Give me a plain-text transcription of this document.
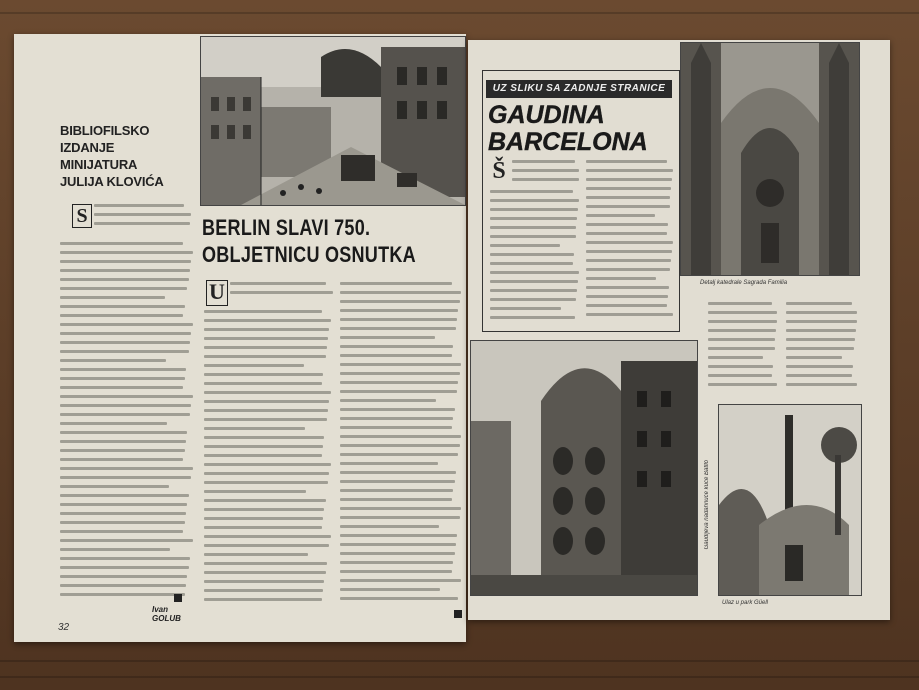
BIBLIOFILSKO
IZDANJE
MINIJATURA
JULIJA KLOVIĆA
S
Ivan GOLUB
32
BERLIN SLAVI 750.
OBLJETNICU OSNUTKA
U
UZ SLIKU SA ZADNJE STRANICE
GAUDINA
BARCELONA
Š
Detalj katedrale Sagrada Familia
Gaudijeva nadahnuće kuće Batlló
Ulaz u park Güell
